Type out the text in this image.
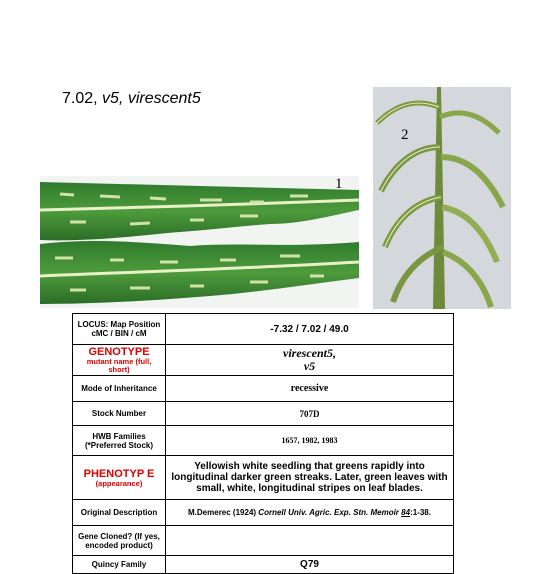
7.02, v5, virescent5
1
2
LOCUS: Map Position cMC / BIN / cM	-7.32 / 7.02 / 49.0
GENOTYPE
mutant name (full, short)	virescent5,
v5
Mode of Inheritance	recessive
Stock Number	707D
HWB Families (*Preferred Stock)	1657, 1982, 1983
PHENOTYP E
(appearance)	Yellowish white seedling that greens rapidly into longitudinal darker green streaks. Later, green leaves with small, white, longitudinal stripes on leaf blades.
Original Description	M.Demerec (1924) Cornell Univ. Agric. Exp. Stn. Memoir 84:1-38.
Gene Cloned? (If yes, encoded product)	
Quincy Family	Q79
